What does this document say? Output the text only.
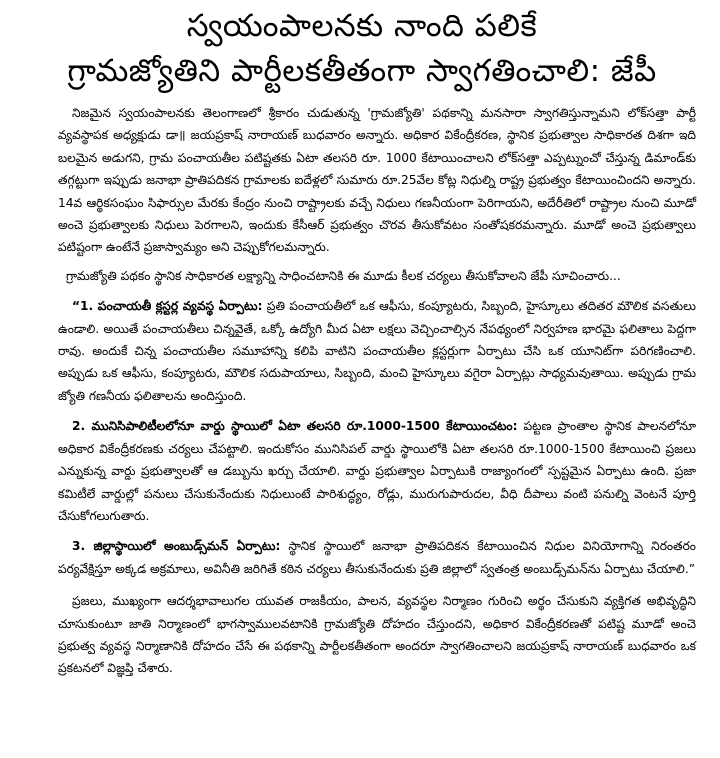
స్వయంపాలనకు నాంది పలికే
గ్రామజ్యోతిని పార్టీలకతీతంగా స్వాగతించాలి: జేపీ

నిజమైన స్వయంపాలనకు తెలంగాణలో శ్రీకారం చుడుతున్న 'గ్రామజ్యోతి' పథకాన్ని మనసారా స్వాగతిస్తున్నామని లోక్‌సత్తా పార్టీ వ్యవస్థాపక అధ్యక్షుడు డా॥ జయప్రకాష్ నారాయణ్ బుధవారం అన్నారు. అధికార వికేంద్రీకరణ, స్థానిక ప్రభుత్వాల సాధికారత దిశగా ఇది బలమైన అడుగని, గ్రామ పంచాయతీల పటిష్టతకు ఏటా తలసరి రూ. 1000 కేటాయించాలని లోక్‌సత్తా ఎప్పట్నుంచో చేస్తున్న డిమాండ్‌కు తగ్గట్టుగా ఇప్పుడు జనాభా ప్రాతిపదికన గ్రామాలకు ఐదేళ్లలో సుమారు రూ.25వేల కోట్ల నిధుల్ని రాష్ట్ర ప్రభుత్వం కేటాయించిందని అన్నారు. 14వ ఆర్థికసంఘం సిఫార్సుల మేరకు కేంద్రం నుంచి రాష్ట్రాలకు వచ్చే నిధులు గణనీయంగా పెరిగాయని, అదేరీతిలో రాష్ట్రాల నుంచి మూడో అంచె ప్రభుత్వాలకు నిధులు పెరగాలని, ఇందుకు కేసీఆర్ ప్రభుత్వం చొరవ తీసుకోవటం సంతోషకరమన్నారు. మూడో అంచె ప్రభుత్వాలు పటిష్టంగా ఉంటేనే ప్రజాస్వామ్యం అని చెప్పుకోగలమన్నారు.

గ్రామజ్యోతి పథకం స్థానిక సాధికారత లక్ష్యాన్ని సాధించటానికి ఈ మూడు కీలక చర్యలు తీసుకోవాలని జేపీ సూచించారు...

“1. పంచాయతీ క్లస్టర్ల వ్యవస్థ ఏర్పాటు: ప్రతి పంచాయతీలో ఒక ఆఫీసు, కంప్యూటరు, సిబ్బంది, హైస్కూలు తదితర మౌలిక వసతులు ఉండాలి. అయితే పంచాయతీలు చిన్నవైతే, ఒక్కో ఉద్యోగి మీద ఏటా లక్షలు వెచ్చించాల్సిన నేపథ్యంలో నిర్వహణ భారమై ఫలితాలు పెద్దగా రావు. అందుకే చిన్న పంచాయతీల సమూహాన్ని కలిపి వాటిని పంచాయతీల క్లస్టర్లుగా ఏర్పాటు చేసి ఒక యూనిట్‌గా పరిగణించాలి. అప్పుడు ఒక ఆఫీసు, కంప్యూటరు, మౌలిక సదుపాయాలు, సిబ్బంది, మంచి హైస్కూలు వగైరా ఏర్పాట్లు సాధ్యమవుతాయి. అప్పుడు గ్రామ జ్యోతి గణనీయ ఫలితాలను అందిస్తుంది.

2. మునిసిపాలిటీలలోనూ వార్డు స్థాయిలో ఏటా తలసరి రూ.1000-1500 కేటాయించటం: పట్టణ ప్రాంతాల స్థానిక పాలనలోనూ అధికార వికేంద్రీకరణకు చర్యలు చేపట్టాలి. ఇందుకోసం మునిసిపల్ వార్డు స్థాయిలోకి ఏటా తలసరి రూ.1000-1500 కేటాయించి ప్రజలు ఎన్నుకున్న వార్డు ప్రభుత్వాలతో ఆ డబ్బును ఖర్చు చేయాలి. వార్డు ప్రభుత్వాల ఏర్పాటుకి రాజ్యాంగంలో స్పష్టమైన ఏర్పాటు ఉంది. ప్రజా కమిటీలే వార్డుల్లో పనులు చేసుకునేందుకు నిధులుంటే పారిశుద్ధ్యం, రోడ్లు, మురుగుపారుదల, వీధి దీపాలు వంటి పనుల్ని వెంటనే పూర్తి చేసుకోగలుగుతారు.

3. జిల్లాస్థాయిలో అంబుడ్స్‌మన్ ఏర్పాటు: స్థానిక స్థాయిలో జనాభా ప్రాతిపదికన కేటాయించిన నిధుల వినియోగాన్ని నిరంతరం పర్యవేక్షిస్తూ అక్కడ అక్రమాలు, అవినీతి జరిగితే కఠిన చర్యలు తీసుకునేందుకు ప్రతి జిల్లాలో స్వతంత్ర అంబుడ్స్‌మన్‌ను ఏర్పాటు చేయాలి.”

ప్రజలు, ముఖ్యంగా ఆదర్శభావాలుగల యువత రాజకీయం, పాలన, వ్యవస్థల నిర్మాణం గురించి అర్థం చేసుకుని వ్యక్తిగత అభివృద్ధిని చూసుకుంటూ జాతి నిర్మాణంలో భాగస్వాములవటానికి గ్రామజ్యోతి దోహదం చేస్తుందని, అధికార వికేంద్రీకరణతో పటిష్ట మూడో అంచె ప్రభుత్వ వ్యవస్థ నిర్మాణానికి దోహదం చేసే ఈ పథకాన్ని పార్టీలకతీతంగా అందరూ స్వాగతించాలని జయప్రకాష్ నారాయణ్ బుధవారం ఒక ప్రకటనలో విజ్ఞప్తి చేశారు.
